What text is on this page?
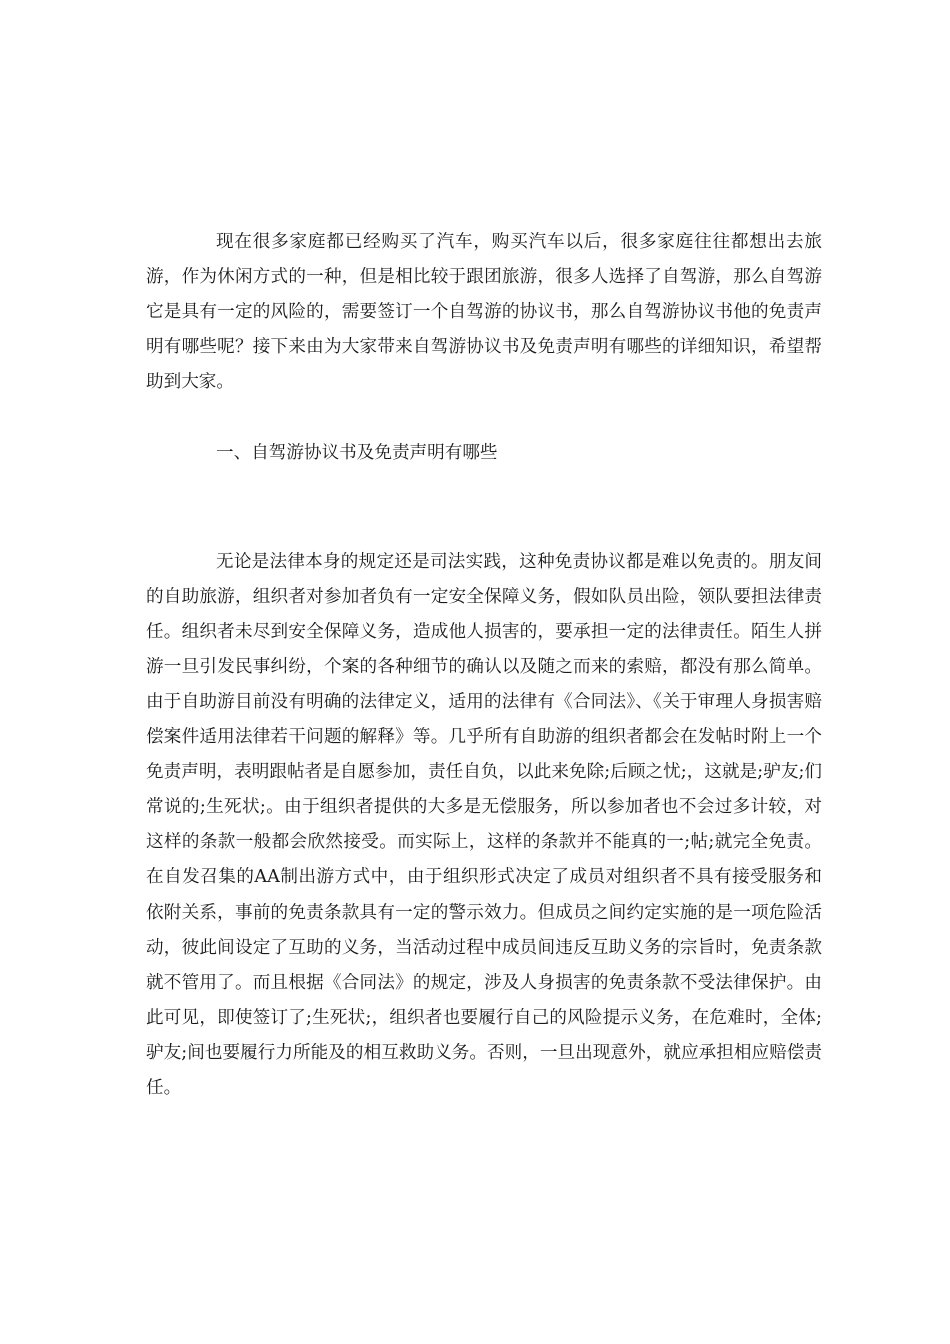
现在很多家庭都已经购买了汽车，购买汽车以后，很多家庭往往都想出去旅游，作为休闲方式的一种，但是相比较于跟团旅游，很多人选择了自驾游，那么自驾游它是具有一定的风险的，需要签订一个自驾游的协议书，那么自驾游协议书他的免责声明有哪些呢？接下来由为大家带来自驾游协议书及免责声明有哪些的详细知识，希望帮助到大家。

一、自驾游协议书及免责声明有哪些

无论是法律本身的规定还是司法实践，这种免责协议都是难以免责的。朋友间的自助旅游，组织者对参加者负有一定安全保障义务，假如队员出险，领队要担法律责任。组织者未尽到安全保障义务，造成他人损害的，要承担一定的法律责任。陌生人拼游一旦引发民事纠纷，个案的各种细节的确认以及随之而来的索赔，都没有那么简单。由于自助游目前没有明确的法律定义，适用的法律有《合同法》、《关于审理人身损害赔偿案件适用法律若干问题的解释》等。几乎所有自助游的组织者都会在发帖时附上一个免责声明，表明跟帖者是自愿参加，责任自负，以此来免除;后顾之忧;，这就是;驴友;们常说的;生死状;。由于组织者提供的大多是无偿服务，所以参加者也不会过多计较，对这样的条款一般都会欣然接受。而实际上，这样的条款并不能真的一;帖;就完全免责。在自发召集的AA制出游方式中，由于组织形式决定了成员对组织者不具有接受服务和依附关系，事前的免责条款具有一定的警示效力。但成员之间约定实施的是一项危险活动，彼此间设定了互助的义务，当活动过程中成员间违反互助义务的宗旨时，免责条款就不管用了。而且根据《合同法》的规定，涉及人身损害的免责条款不受法律保护。由此可见，即使签订了;生死状;，组织者也要履行自己的风险提示义务，在危难时，全体;驴友;间也要履行力所能及的相互救助义务。否则，一旦出现意外，就应承担相应赔偿责任。
